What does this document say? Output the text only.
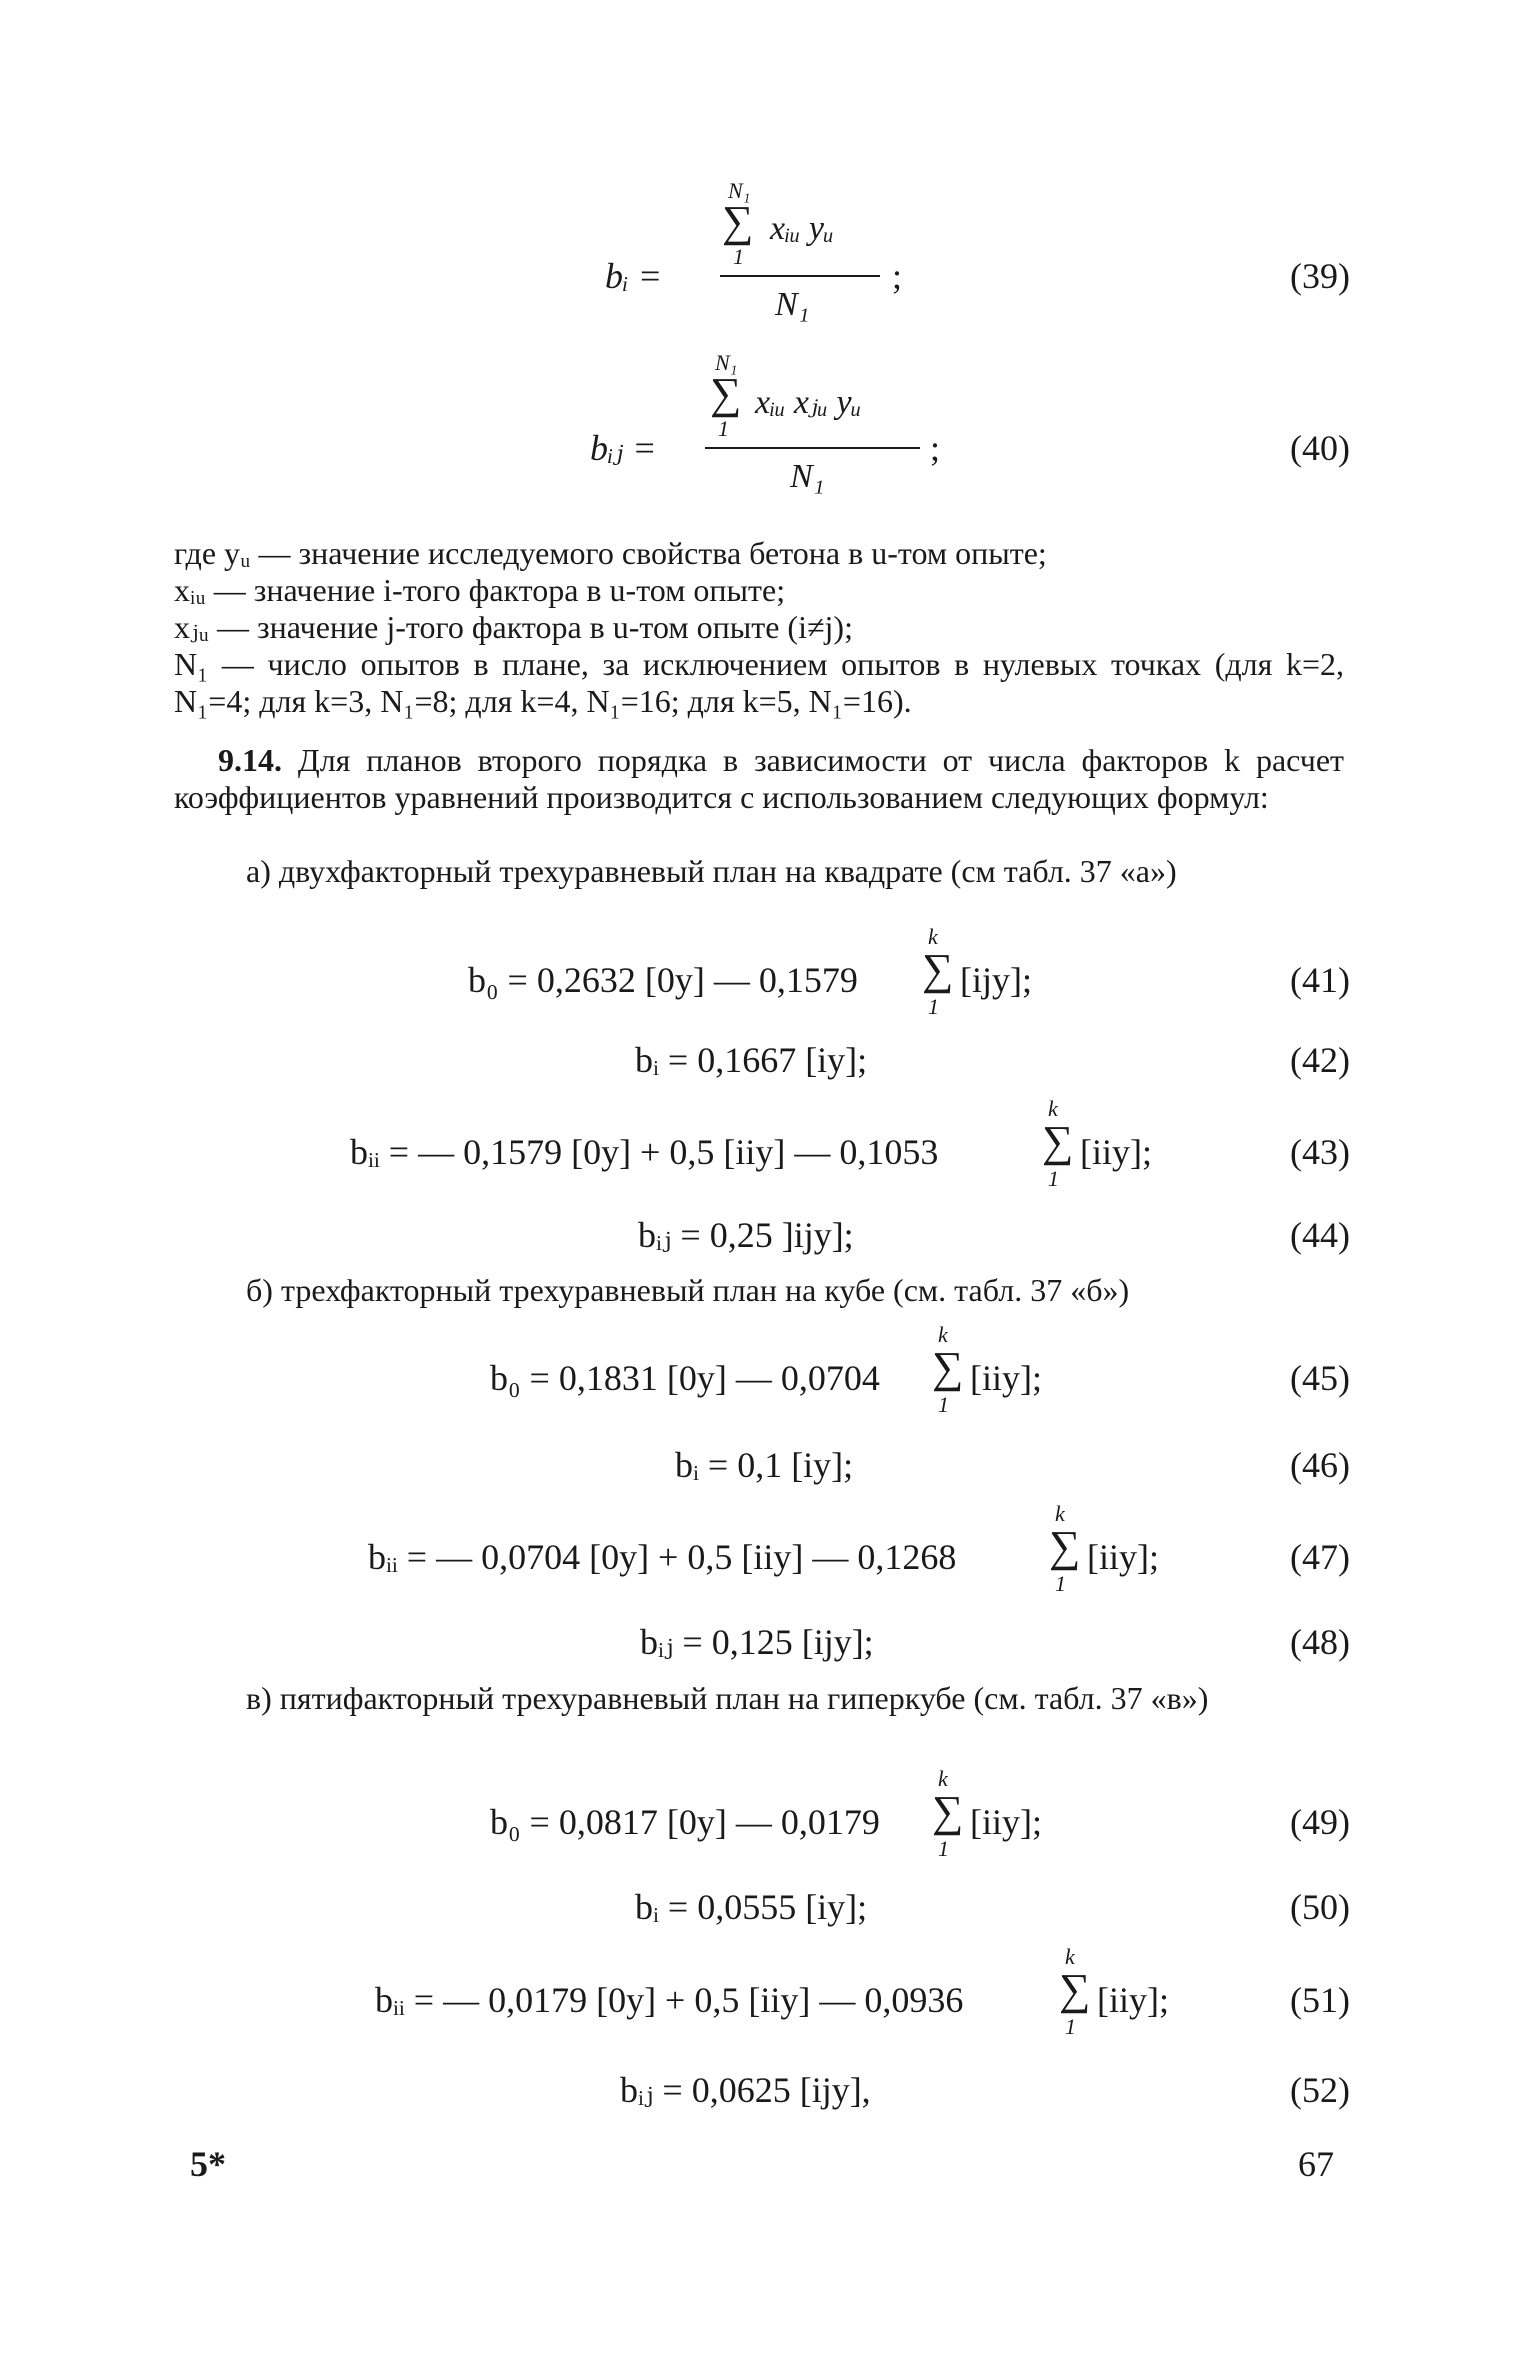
N₁
∑ xᵢᵤ yᵤ
1
bᵢ =	;
N₁
(39)
N₁
∑ xᵢᵤ xⱼᵤ yᵤ
1
bᵢⱼ =	;
N₁
(40)
где yᵤ — значение исследуемого свойства бетона в u-том опыте;
xᵢᵤ — значение i-того фактора в u-том опыте;
xⱼᵤ — значение j-того фактора в u-том опыте (i≠j);
N₁ — число опытов в плане, за исключением опытов в нулевых точках (для k=2, N₁=4; для k=3, N₁=8; для k=4, N₁=16; для k=5, N₁=16).
9.14. Для планов второго порядка в зависимости от числа факторов k расчет коэффициентов уравнений производится с использованием следующих формул:
а) двухфакторный трехуравневый план на квадрате (см табл. 37 «а»)
b₀ = 0,2632 [0y] — 0,1579
k
∑
1
[ijy];	(41)
bᵢ = 0,1667 [iy];	(42)
bᵢᵢ = — 0,1579 [0y] + 0,5 [iiy] — 0,1053
k
∑
1
[iiy];	(43)
bᵢⱼ = 0,25 ]ijy];	(44)
б) трехфакторный трехуравневый план на кубе (см. табл. 37 «б»)
b₀ = 0,1831 [0y] — 0,0704
k
∑
1
[iiy];	(45)
bᵢ = 0,1 [iy];	(46)
bᵢᵢ = — 0,0704 [0y] + 0,5 [iiy] — 0,1268
k
∑
1
[iiy];	(47)
bᵢⱼ = 0,125 [ijy];	(48)
в) пятифакторный трехуравневый план на гиперкубе (см. табл. 37 «в»)
b₀ = 0,0817 [0y] — 0,0179
k
∑
1
[iiy];	(49)
bᵢ = 0,0555 [iy];	(50)
bᵢᵢ = — 0,0179 [0y] + 0,5 [iiy] — 0,0936
k
∑
1
[iiy];	(51)
bᵢⱼ = 0,0625 [ijy],	(52)
5*	67
